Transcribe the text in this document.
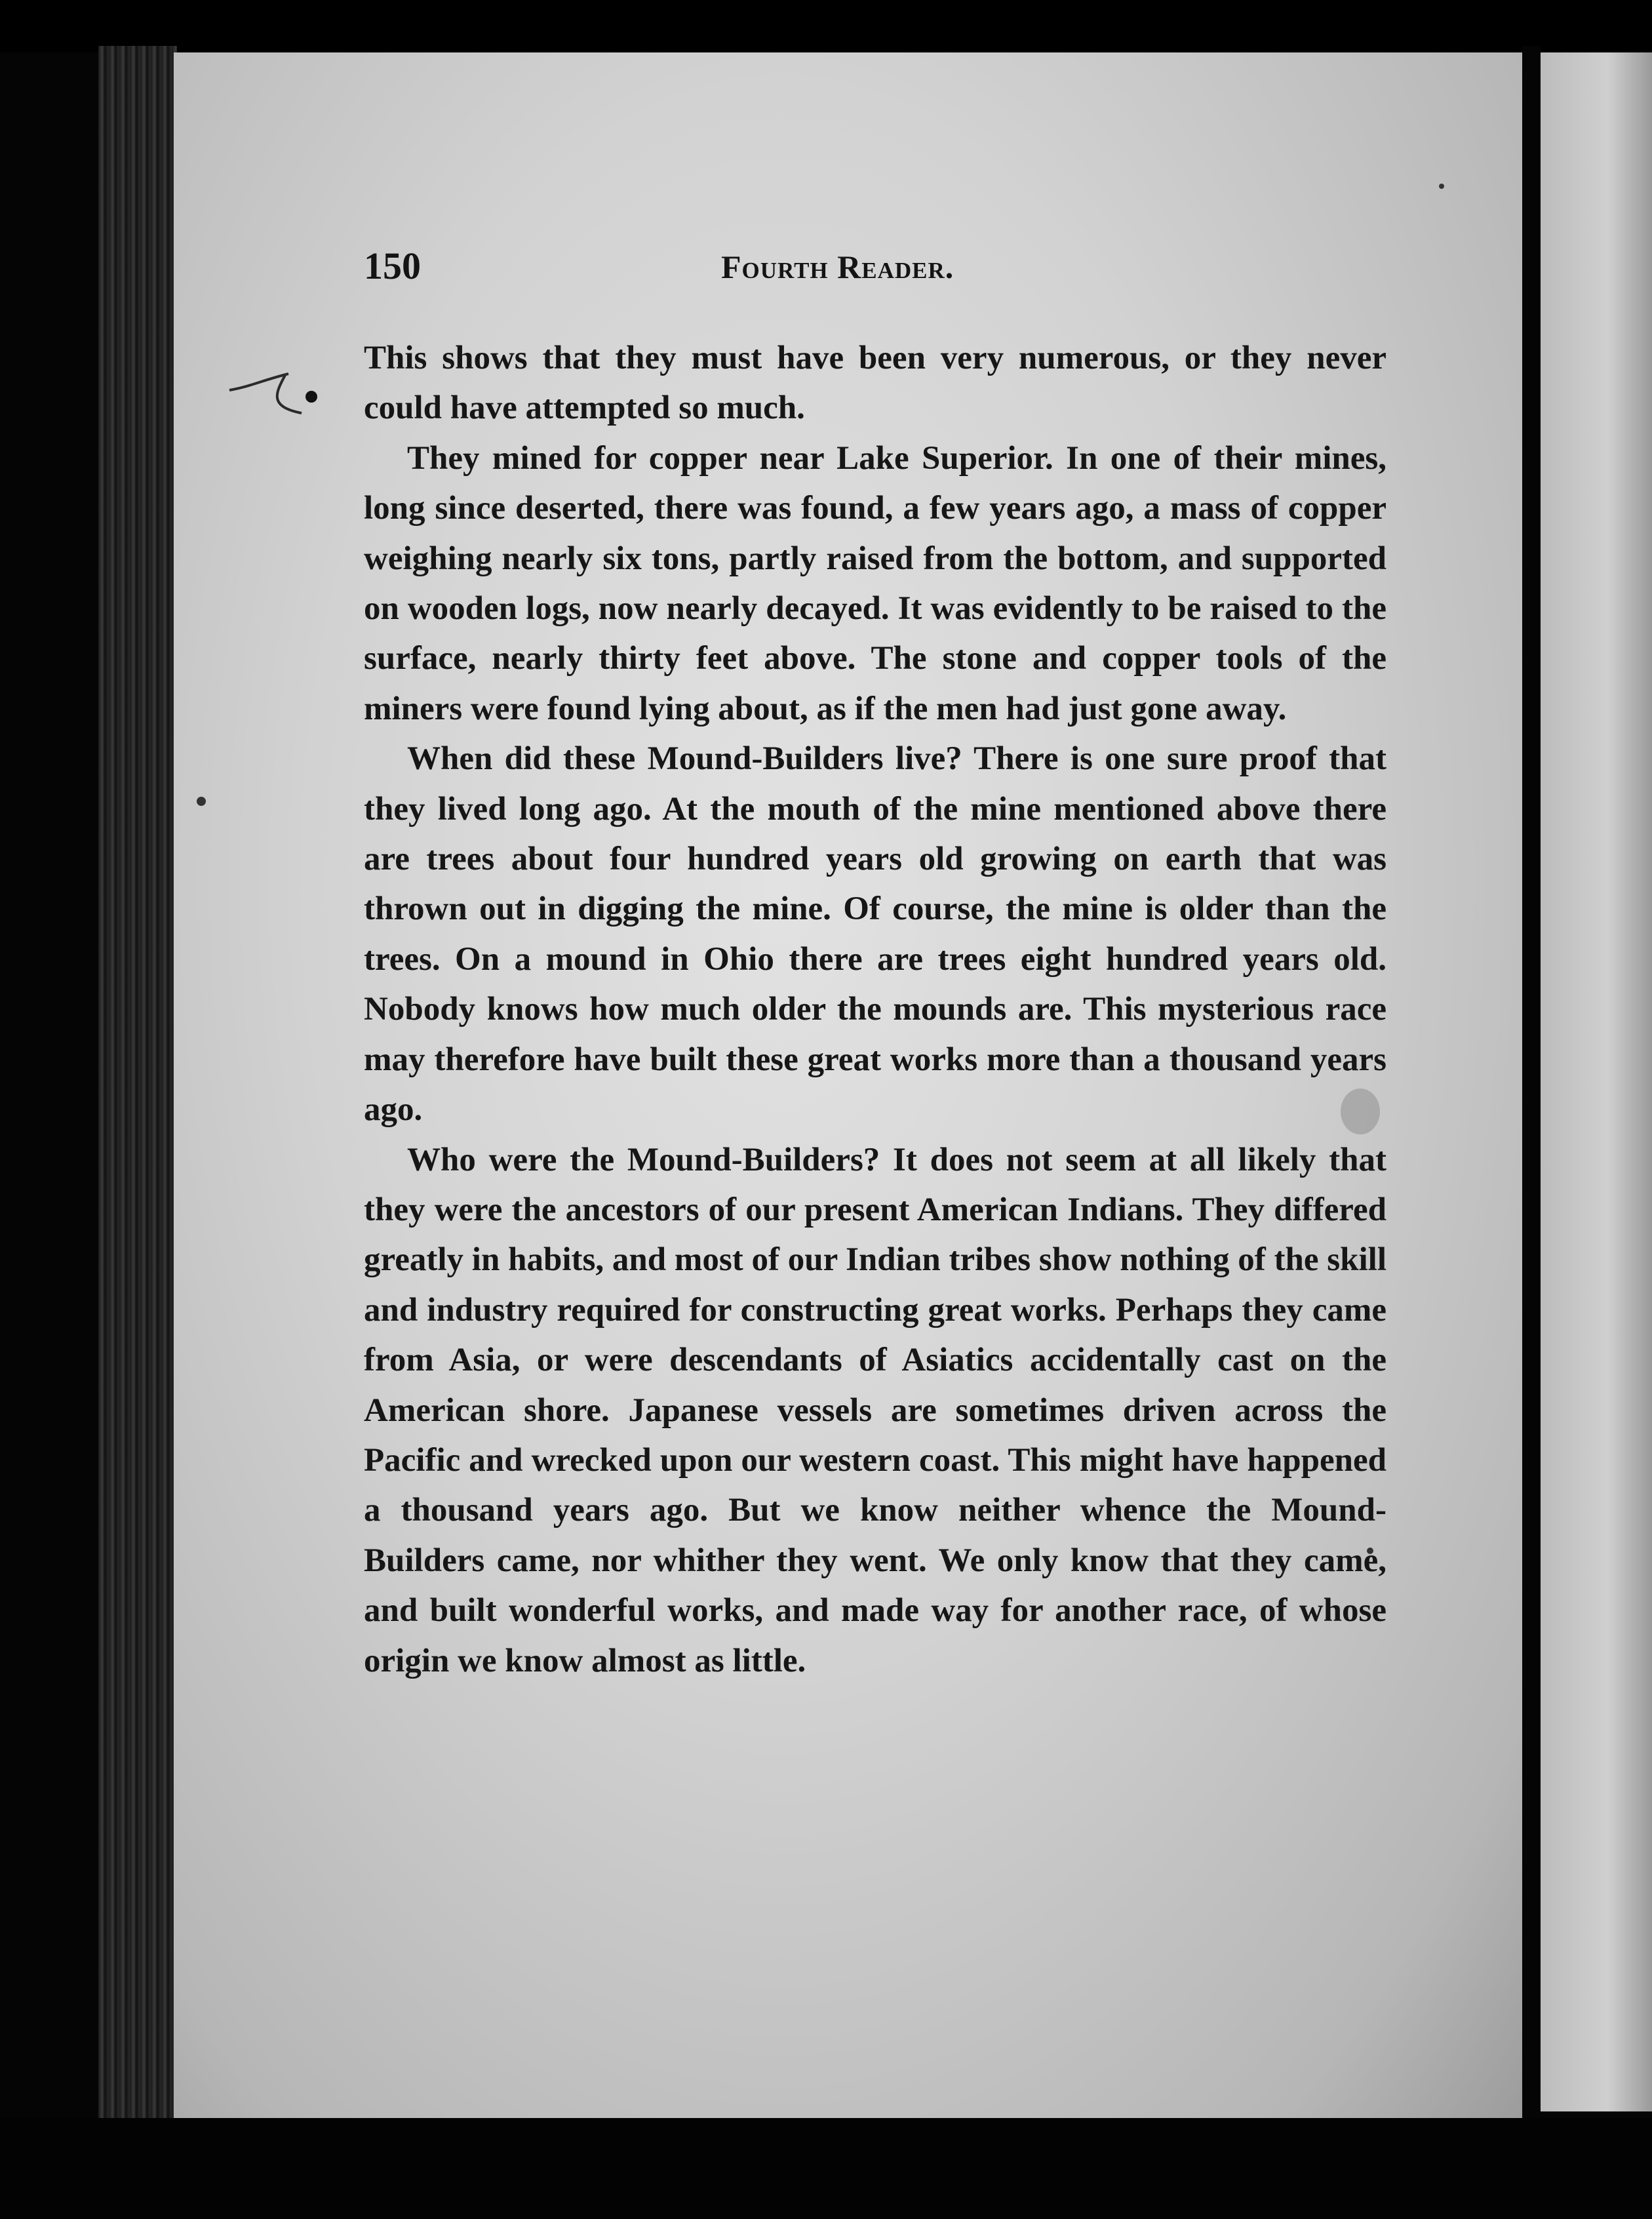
150	Fourth Reader.

This shows that they must have been very numerous, or they never could have attempted so much.

They mined for copper near Lake Superior. In one of their mines, long since deserted, there was found, a few years ago, a mass of copper weighing nearly six tons, partly raised from the bottom, and supported on wooden logs, now nearly decayed. It was evidently to be raised to the surface, nearly thirty feet above. The stone and copper tools of the miners were found lying about, as if the men had just gone away.

When did these Mound-Builders live? There is one sure proof that they lived long ago. At the mouth of the mine mentioned above there are trees about four hundred years old growing on earth that was thrown out in digging the mine. Of course, the mine is older than the trees. On a mound in Ohio there are trees eight hundred years old. Nobody knows how much older the mounds are. This mysterious race may therefore have built these great works more than a thousand years ago.

Who were the Mound-Builders? It does not seem at all likely that they were the ancestors of our present American Indians. They differed greatly in habits, and most of our Indian tribes show nothing of the skill and industry required for constructing great works. Perhaps they came from Asia, or were descendants of Asiatics accidentally cast on the American shore. Japanese vessels are sometimes driven across the Pacific and wrecked upon our western coast. This might have happened a thousand years ago. But we know neither whence the Mound-Builders came, nor whither they went. We only know that they came, and built wonderful works, and made way for another race, of whose origin we know almost as little.
